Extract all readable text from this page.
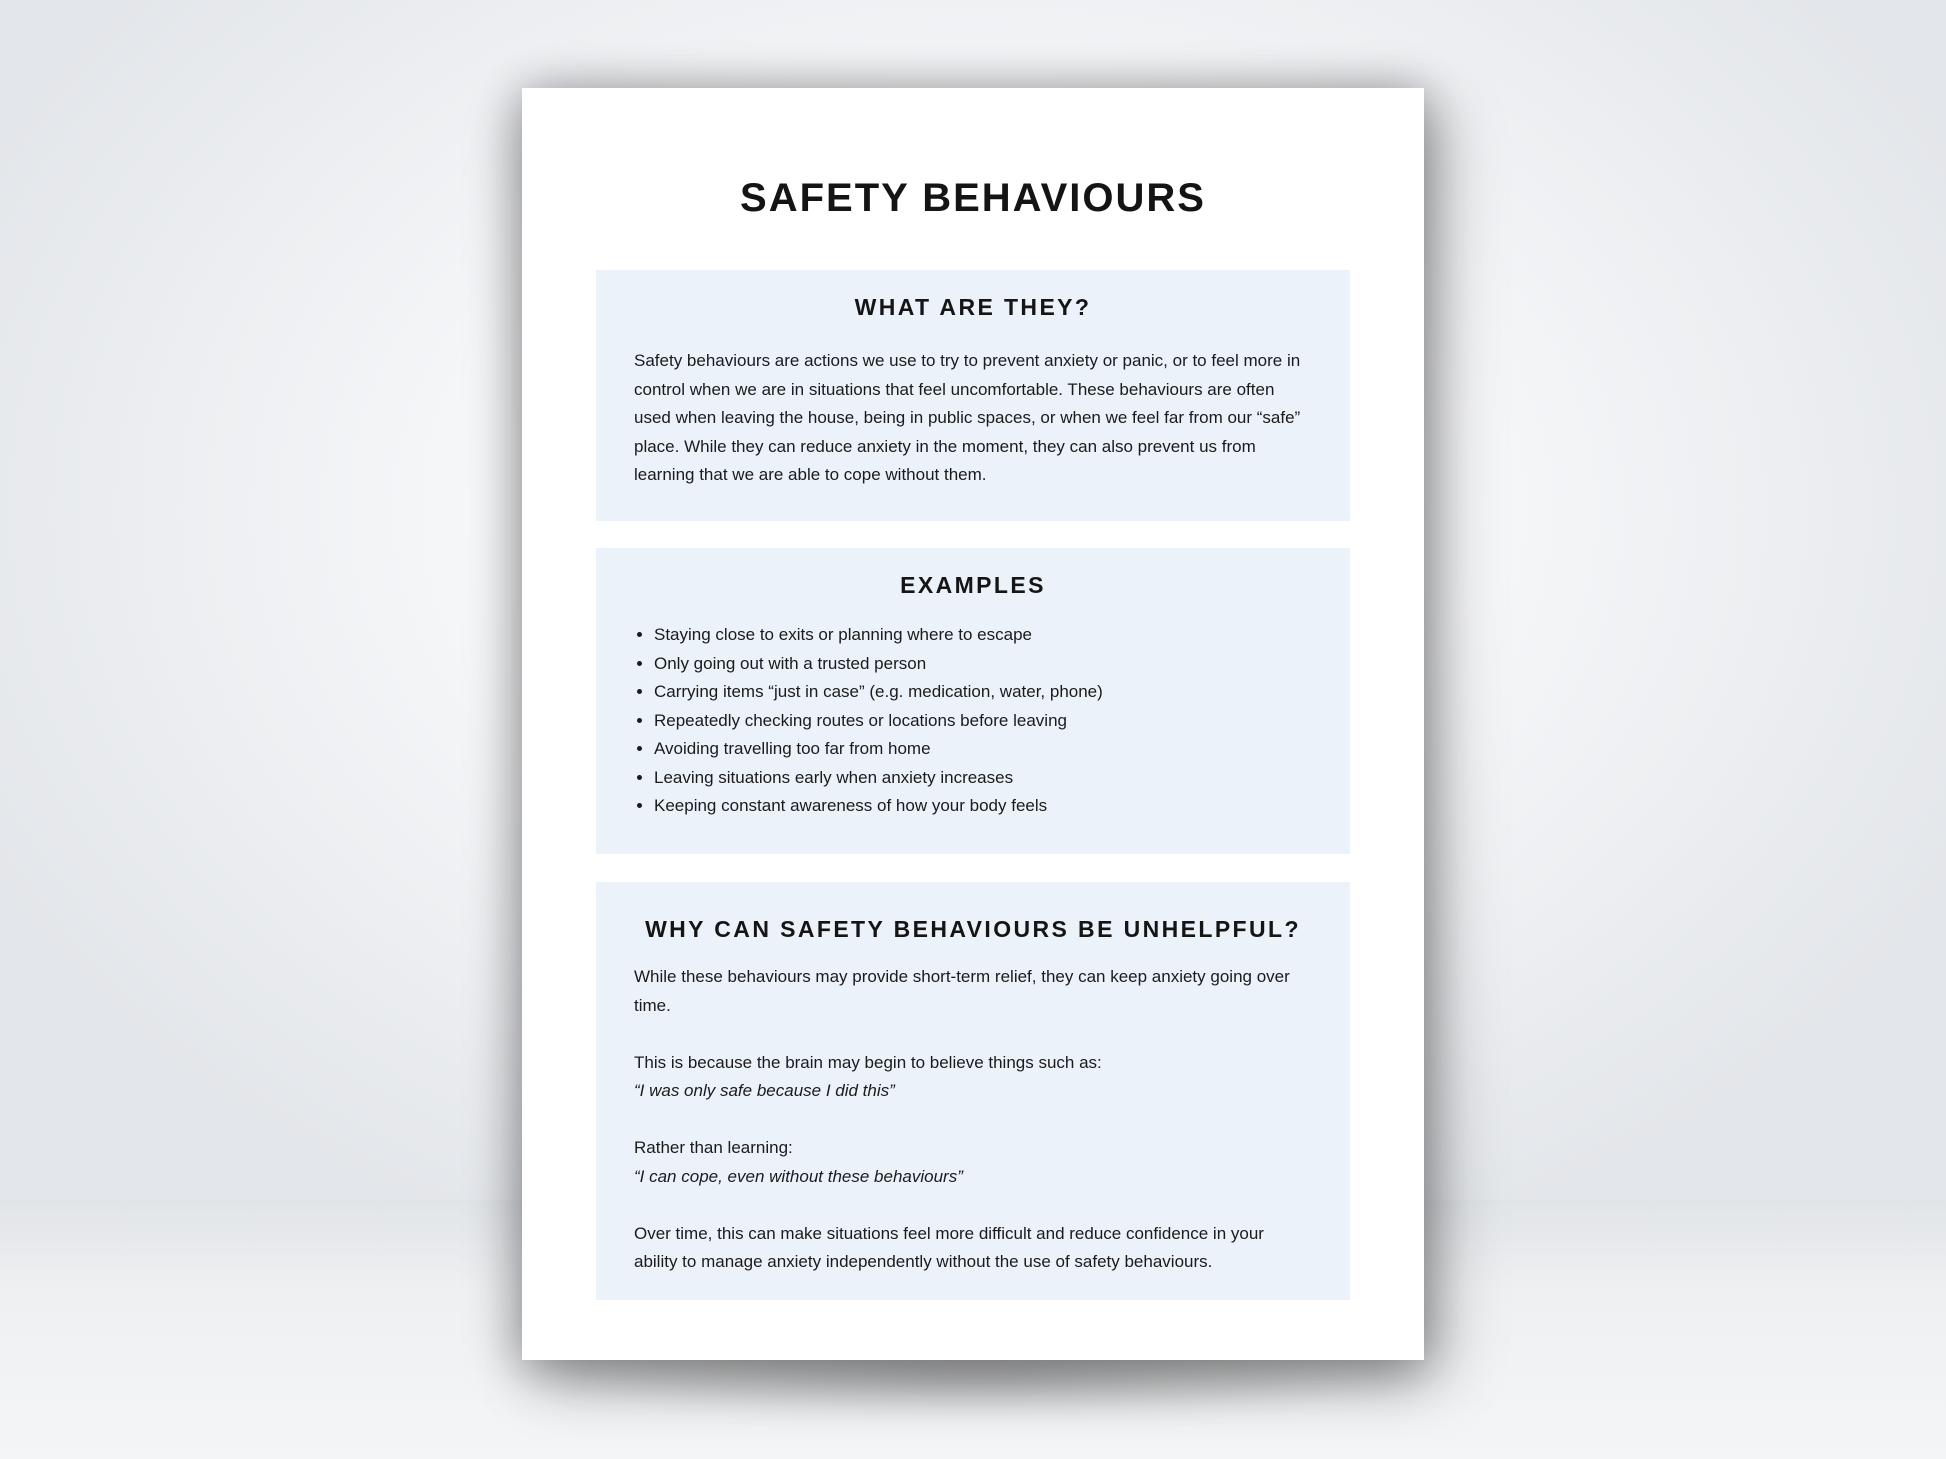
SAFETY BEHAVIOURS
WHAT ARE THEY?
Safety behaviours are actions we use to try to prevent anxiety or panic, or to feel more in control when we are in situations that feel uncomfortable. These behaviours are often used when leaving the house, being in public spaces, or when we feel far from our “safe” place. While they can reduce anxiety in the moment, they can also prevent us from learning that we are able to cope without them.
EXAMPLES
• Staying close to exits or planning where to escape
• Only going out with a trusted person
• Carrying items “just in case” (e.g. medication, water, phone)
• Repeatedly checking routes or locations before leaving
• Avoiding travelling too far from home
• Leaving situations early when anxiety increases
• Keeping constant awareness of how your body feels
WHY CAN SAFETY BEHAVIOURS BE UNHELPFUL?

While these behaviours may provide short-term relief, they can keep anxiety going over time.

This is because the brain may begin to believe things such as:

“I was only safe because I did this”

Rather than learning:

“I can cope, even without these behaviours”

Over time, this can make situations feel more difficult and reduce confidence in your ability to manage anxiety independently without the use of safety behaviours.
